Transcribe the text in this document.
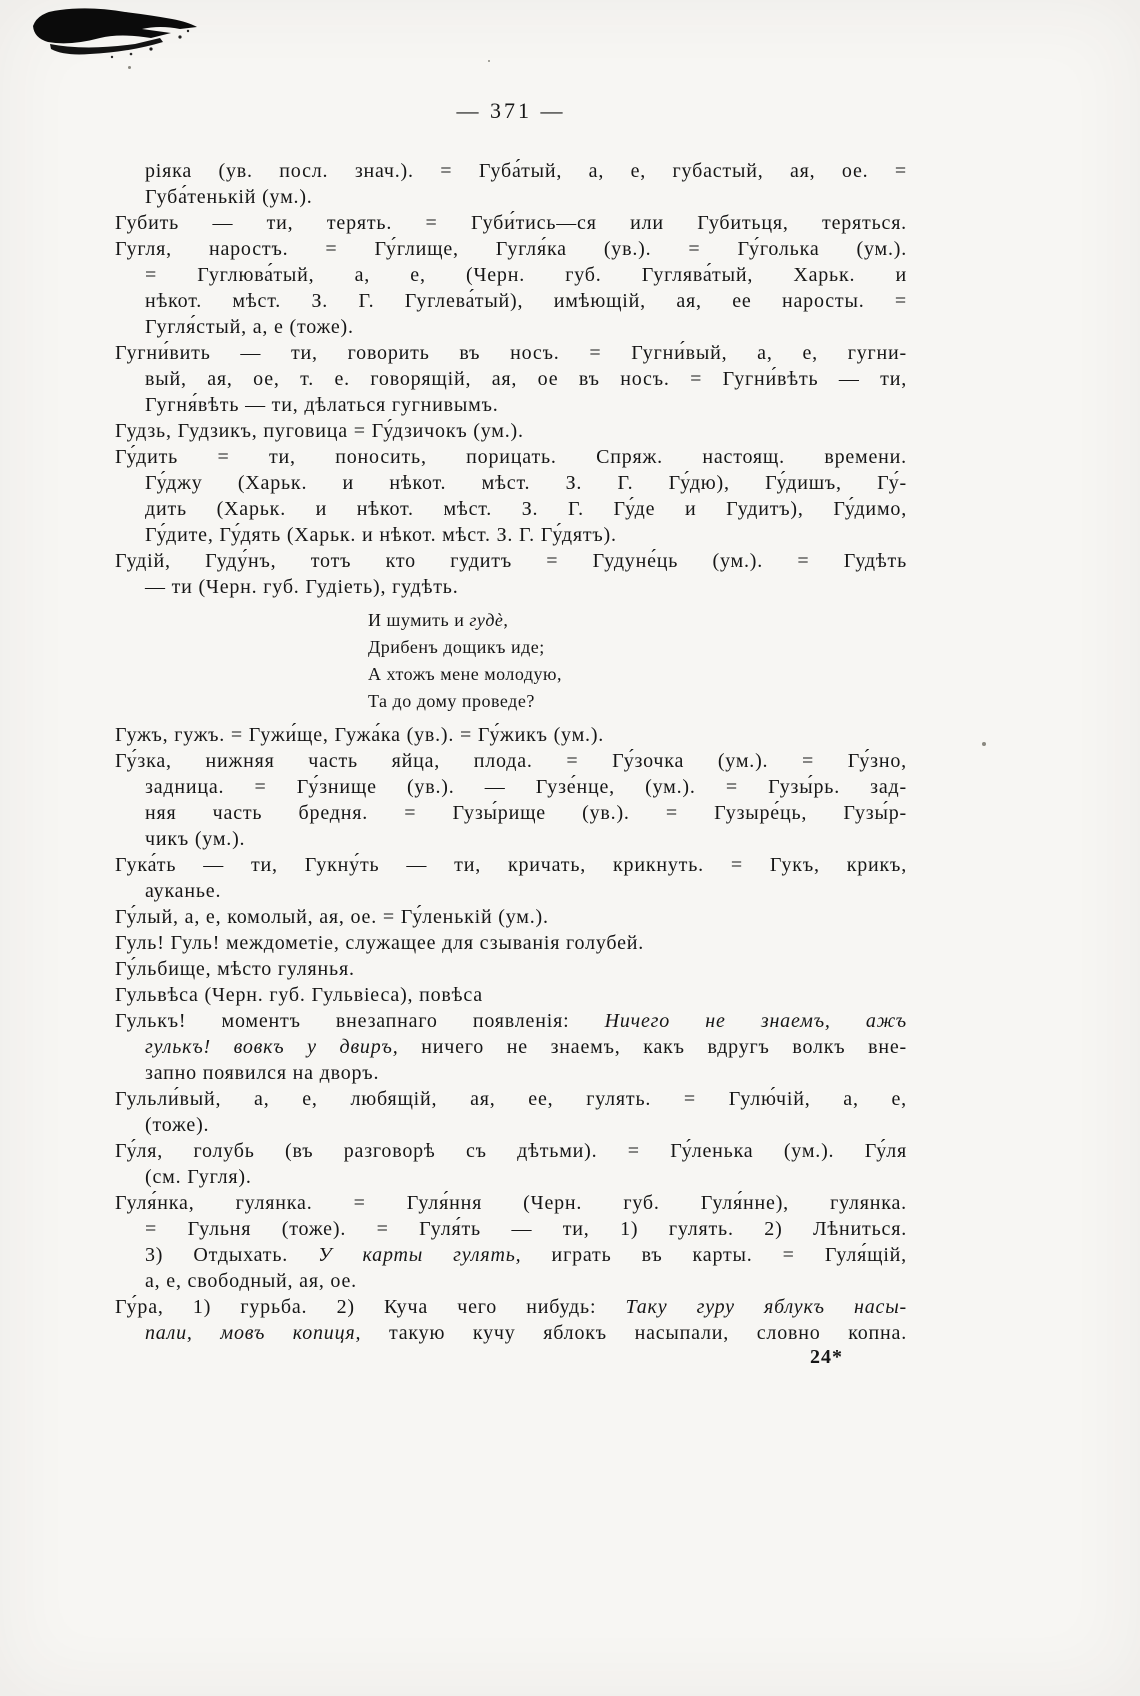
— 371 —
ріяка (ув. посл. знач.). = Губа́тый, а, е, губастый, ая, ое. =
Губа́тенькій (ум.).
Губить — ти, терять. = Губи́тись—ся или Губитьця, теряться.
Гугля, наростъ. = Гу́глище, Гугля́ка (ув.). = Гу́голька (ум.).
= Гуглюва́тый, а, е, (Черн. губ. Гуглява́тый, Харьк. и
нѣкот. мѣст. З. Г. Гуглева́тый), имѣющій, ая, ее наросты. =
Гугля́стый, а, е (тоже).
Гугни́вить — ти, говорить въ носъ. = Гугни́вый, а, е, гугни-
вый, ая, ое, т. е. говорящій, ая, ое въ носъ. = Гугни́вѣть — ти,
Гугня́вѣть — ти, дѣлаться гугнивымъ.
Гудзь, Гудзикъ, пуговица = Гу́дзичокъ (ум.).
Гу́дить = ти, поносить, порицать. Спряж. настоящ. времени.
Гу́джу (Харьк. и нѣкот. мѣст. З. Г. Гу́дю), Гу́дишъ, Гу́-
дить (Харьк. и нѣкот. мѣст. З. Г. Гу́де и Гудитъ), Гу́димо,
Гу́дите, Гу́дять (Харьк. и нѣкот. мѣст. З. Г. Гу́дятъ).
Гудій, Гуду́нъ, тотъ кто гудитъ = Гудуне́ць (ум.). = Гудѣть
— ти (Черн. губ. Гудіеть), гудѣть.
И шумить и гудѐ,
Дрибенъ дощикъ иде;
А хтожъ мене молодую,
Та до дому проведе?
Гужъ, гужъ. = Гужи́ще, Гужа́ка (ув.). = Гу́жикъ (ум.).
Гу́зка, нижняя часть яйца, плода. = Гу́зочка (ум.). = Гу́зно,
задница. = Гу́знище (ув.). — Гузе́нце, (ум.). = Гузы́рь. зад-
няя часть бредня. = Гузы́рище (ув.). = Гузыре́ць, Гузы́р-
чикъ (ум.).
Гука́ть — ти, Гукну́ть — ти, кричать, крикнуть. = Гукъ, крикъ,
ауканье.
Гу́лый, а, е, комолый, ая, ое. = Гу́ленькій (ум.).
Гуль! Гуль! междометіе, служащее для сзыванія голубей.
Гу́льбище, мѣсто гулянья.
Гульвѣса (Черн. губ. Гульвіеса), повѣса
Гулькъ! моментъ внезапнаго появленія: Ничего не знаемъ, ажъ
гулькъ! вовкъ у двиръ, ничего не знаемъ, какъ вдругъ волкъ вне-
запно появился на дворъ.
Гульли́вый, а, е, любящій, ая, ее, гулять. = Гулю́чій, а, е,
(тоже).
Гу́ля, голубь (въ разговорѣ съ дѣтьми). = Гу́ленька (ум.). Гу́ля
(см. Гугля).
Гуля́нка, гулянка. = Гуля́ння (Черн. губ. Гуля́нне), гулянка.
= Гульня (тоже). = Гуля́ть — ти, 1) гулять. 2) Лѣниться.
3) Отдыхать. У карты гулять, играть въ карты. = Гуля́щій,
а, е, свободный, ая, ое.
Гу́ра, 1) гурьба. 2) Куча чего нибудь: Таку гуру яблукъ насы-
пали, мовъ копиця, такую кучу яблокъ насыпали, словно копна.
24*
